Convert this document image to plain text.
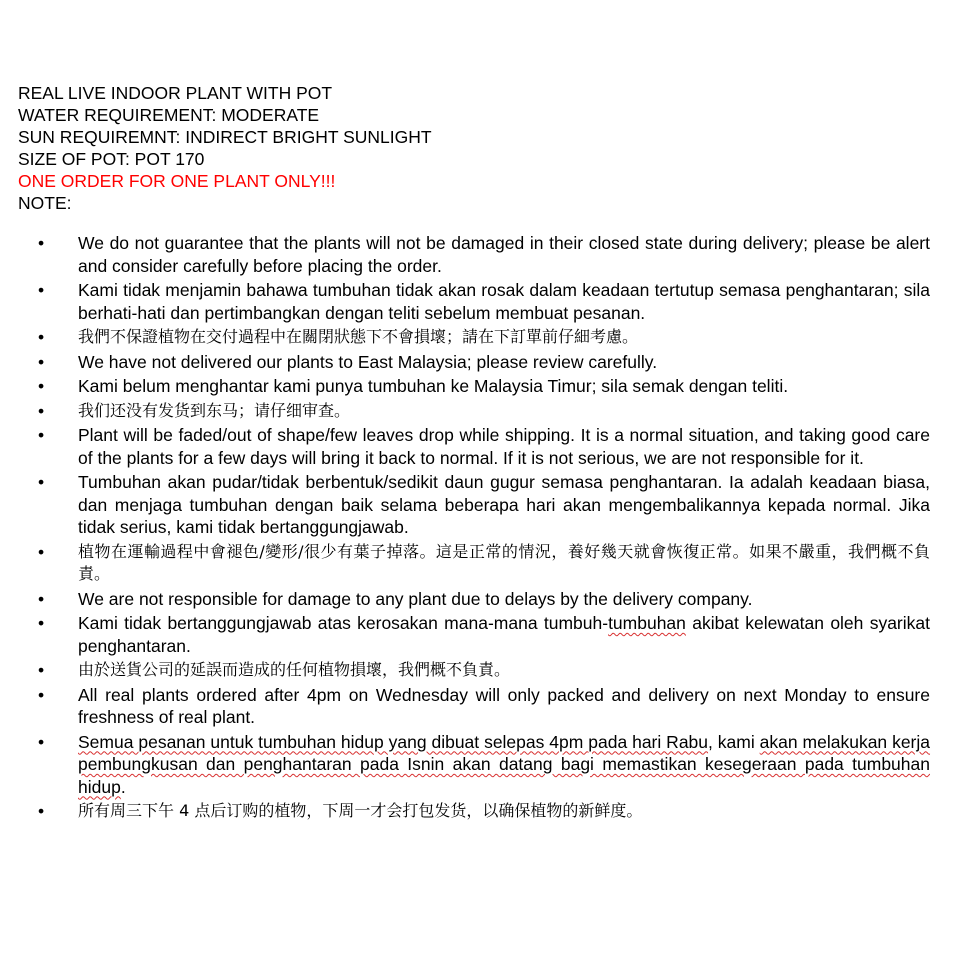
REAL LIVE INDOOR PLANT WITH POT
WATER REQUIREMENT: MODERATE
SUN REQUIREMNT: INDIRECT BRIGHT SUNLIGHT
SIZE OF POT: POT 170
ONE ORDER FOR ONE PLANT ONLY!!!
NOTE:
• We do not guarantee that the plants will not be damaged in their closed state during delivery; please be alert and consider carefully before placing the order.
• Kami tidak menjamin bahawa tumbuhan tidak akan rosak dalam keadaan tertutup semasa penghantaran; sila berhati-hati dan pertimbangkan dengan teliti sebelum membuat pesanan.
• 我們不保證植物在交付過程中在關閉狀態下不會損壞；請在下訂單前仔細考慮。
• We have not delivered our plants to East Malaysia; please review carefully.
• Kami belum menghantar kami punya tumbuhan ke Malaysia Timur; sila semak dengan teliti.
• 我们还没有发货到东马；请仔细审查。
• Plant will be faded/out of shape/few leaves drop while shipping. It is a normal situation, and taking good care of the plants for a few days will bring it back to normal. If it is not serious, we are not responsible for it.
• Tumbuhan akan pudar/tidak berbentuk/sedikit daun gugur semasa penghantaran. Ia adalah keadaan biasa, dan menjaga tumbuhan dengan baik selama beberapa hari akan mengembalikannya kepada normal. Jika tidak serius, kami tidak bertanggungjawab.
• 植物在運輸過程中會褪色/變形/很少有葉子掉落。這是正常的情況，養好幾天就會恢復正常。如果不嚴重，我們概不負責。
• We are not responsible for damage to any plant due to delays by the delivery company.
• Kami tidak bertanggungjawab atas kerosakan mana-mana tumbuh-tumbuhan akibat kelewatan oleh syarikat penghantaran.
• 由於送貨公司的延誤而造成的任何植物損壞，我們概不負責。
• All real plants ordered after 4pm on Wednesday will only packed and delivery on next Monday to ensure freshness of real plant.
• Semua pesanan untuk tumbuhan hidup yang dibuat selepas 4pm pada hari Rabu, kami akan melakukan kerja pembungkusan dan penghantaran pada Isnin akan datang bagi memastikan kesegeraan pada tumbuhan hidup.
• 所有周三下午 4 点后订购的植物，下周一才会打包发货，以确保植物的新鲜度。
